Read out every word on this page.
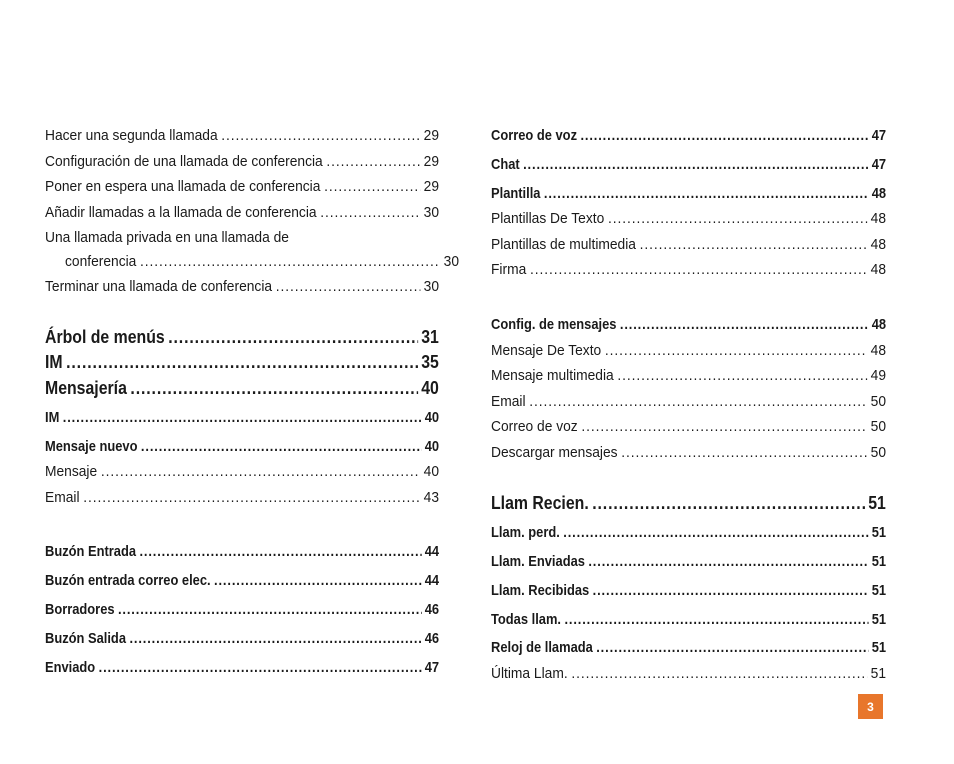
Hacer una segunda llamada .....	29
Configuración de una llamada de conferencia .....	29
Poner en espera una llamada de conferencia .....	29
Añadir llamadas a la llamada de conferencia .....	30
Una llamada privada en una llamada de
conferencia .....	30
Terminar una llamada de conferencia .....	30
Árbol de menús .....	31
IM .....	35
Mensajería .....	40
IM .....	40
Mensaje nuevo .....	40
Mensaje .....	40
Email .....	43
Buzón Entrada .....	44
Buzón entrada correo elec. .....	44
Borradores .....	46
Buzón Salida .....	46
Enviado .....	47
Correo de voz .....	47
Chat .....	47
Plantilla .....	48
Plantillas De Texto .....	48
Plantillas de multimedia .....	48
Firma .....	48
Config. de mensajes .....	48
Mensaje De Texto .....	48
Mensaje multimedia .....	49
Email .....	50
Correo de voz .....	50
Descargar mensajes .....	50
Llam Recien. .....	51
Llam. perd. .....	51
Llam. Enviadas .....	51
Llam. Recibidas .....	51
Todas llam. .....	51
Reloj de llamada .....	51
Última Llam. .....	51
3
